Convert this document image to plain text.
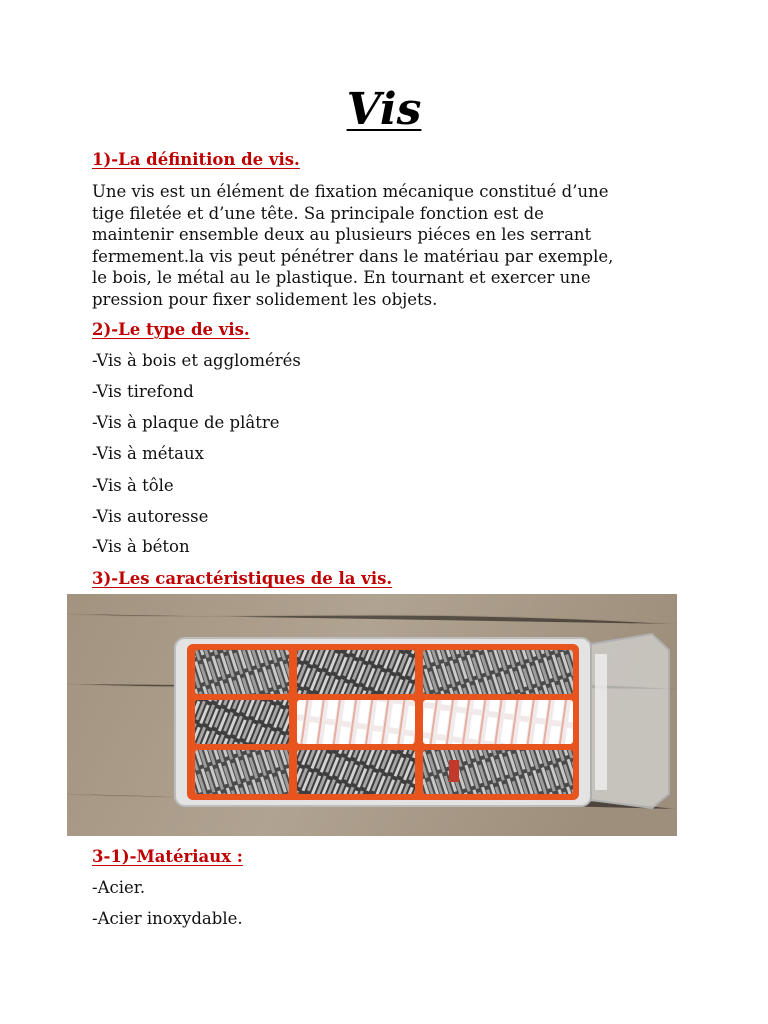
Vis

1)-La définition de vis.

Une vis est un élément de fixation mécanique constitué d’une
tige filetée et d’une tête. Sa principale fonction est de
maintenir ensemble deux au plusieurs piéces en les serrant
fermement.la vis peut pénétrer dans le matériau par exemple,
le bois, le métal au le plastique. En tournant et exercer une
pression pour fixer solidement les objets.

2)-Le type de vis.

-Vis à bois et agglomérés

-Vis tirefond

-Vis à plaque de plâtre

-Vis à métaux

-Vis à tôle

-Vis autoresse

-Vis à béton

3)-Les caractéristiques de la vis.

3-1)-Matériaux :

-Acier.

-Acier inoxydable.
